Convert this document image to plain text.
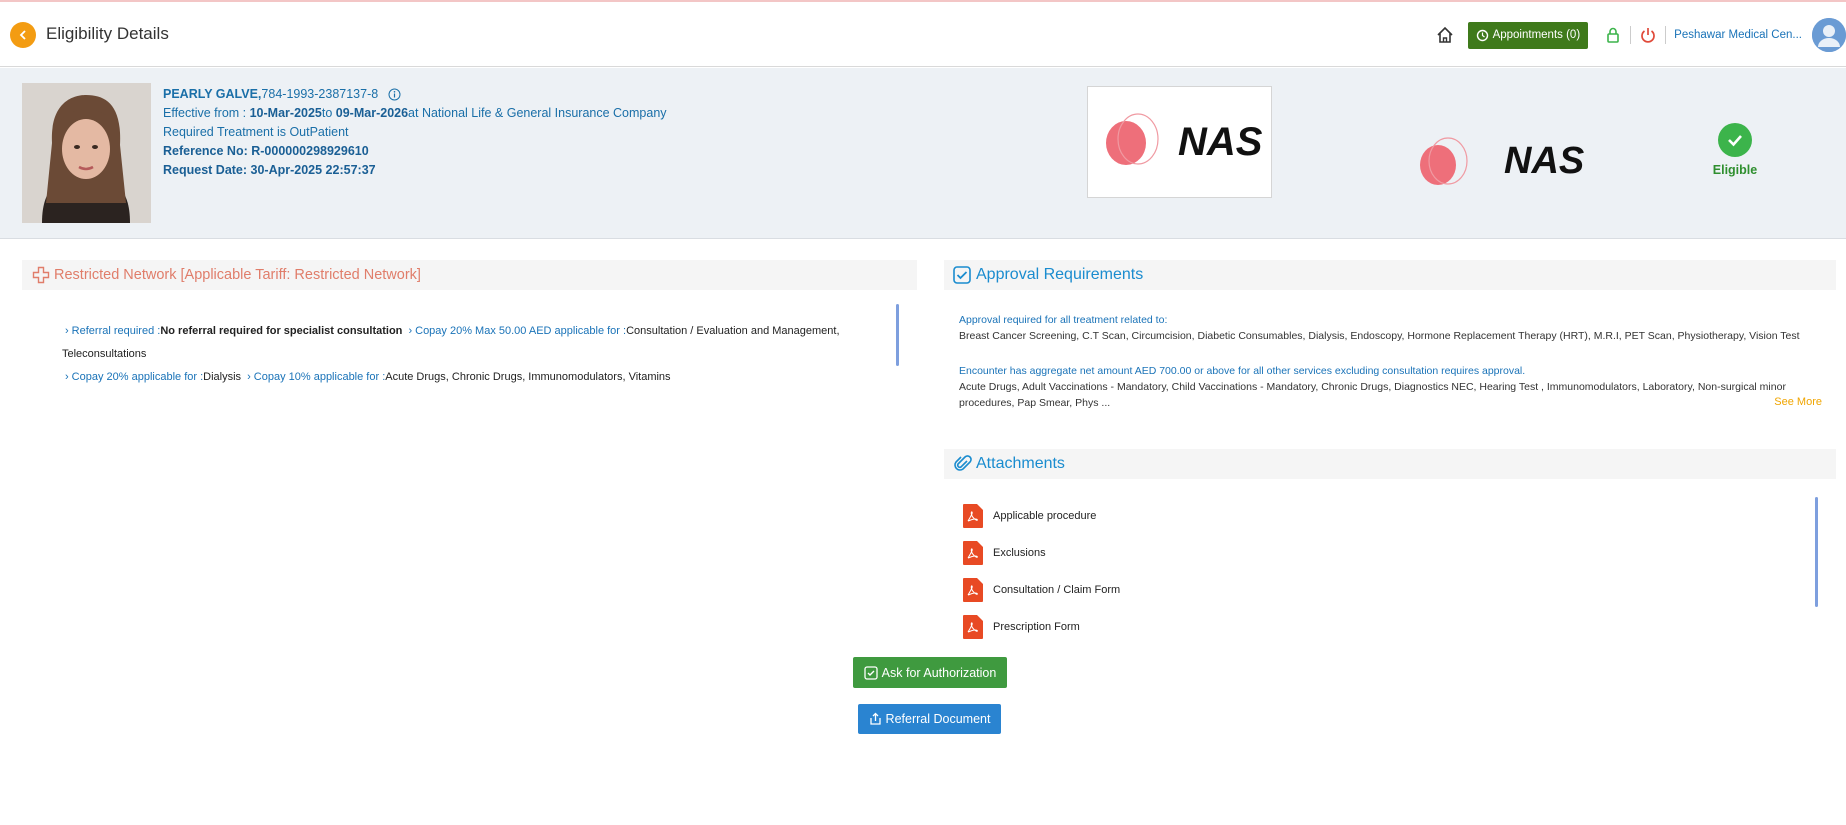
Eligibility Details	Appointments (0)	Peshawar Medical Cen...
PEARLY GALVE,784-1993-2387137-8
Effective from : 10-Mar-2025to 09-Mar-2026at National Life & General Insurance Company
Required Treatment is OutPatient
Reference No: R-000000298929610
Request Date: 30-Apr-2025 22:57:37
NAS	NAS	Eligible
Restricted Network [Applicable Tariff: Restricted Network]
› Referral required :No referral required for specialist consultation › Copay 20% Max 50.00 AED applicable for :Consultation / Evaluation and Management, Teleconsultations
› Copay 20% applicable for :Dialysis › Copay 10% applicable for :Acute Drugs, Chronic Drugs, Immunomodulators, Vitamins
Approval Requirements
Approval required for all treatment related to:
Breast Cancer Screening, C.T Scan, Circumcision, Diabetic Consumables, Dialysis, Endoscopy, Hormone Replacement Therapy (HRT), M.R.I, PET Scan, Physiotherapy, Vision Test
Encounter has aggregate net amount AED 700.00 or above for all other services excluding consultation requires approval.
Acute Drugs, Adult Vaccinations - Mandatory, Child Vaccinations - Mandatory, Chronic Drugs, Diagnostics NEC, Hearing Test , Immunomodulators, Laboratory, Non-surgical minor procedures, Pap Smear, Phys ...	See More
Attachments
Applicable procedure
Exclusions
Consultation / Claim Form
Prescription Form
Ask for Authorization
Referral Document
